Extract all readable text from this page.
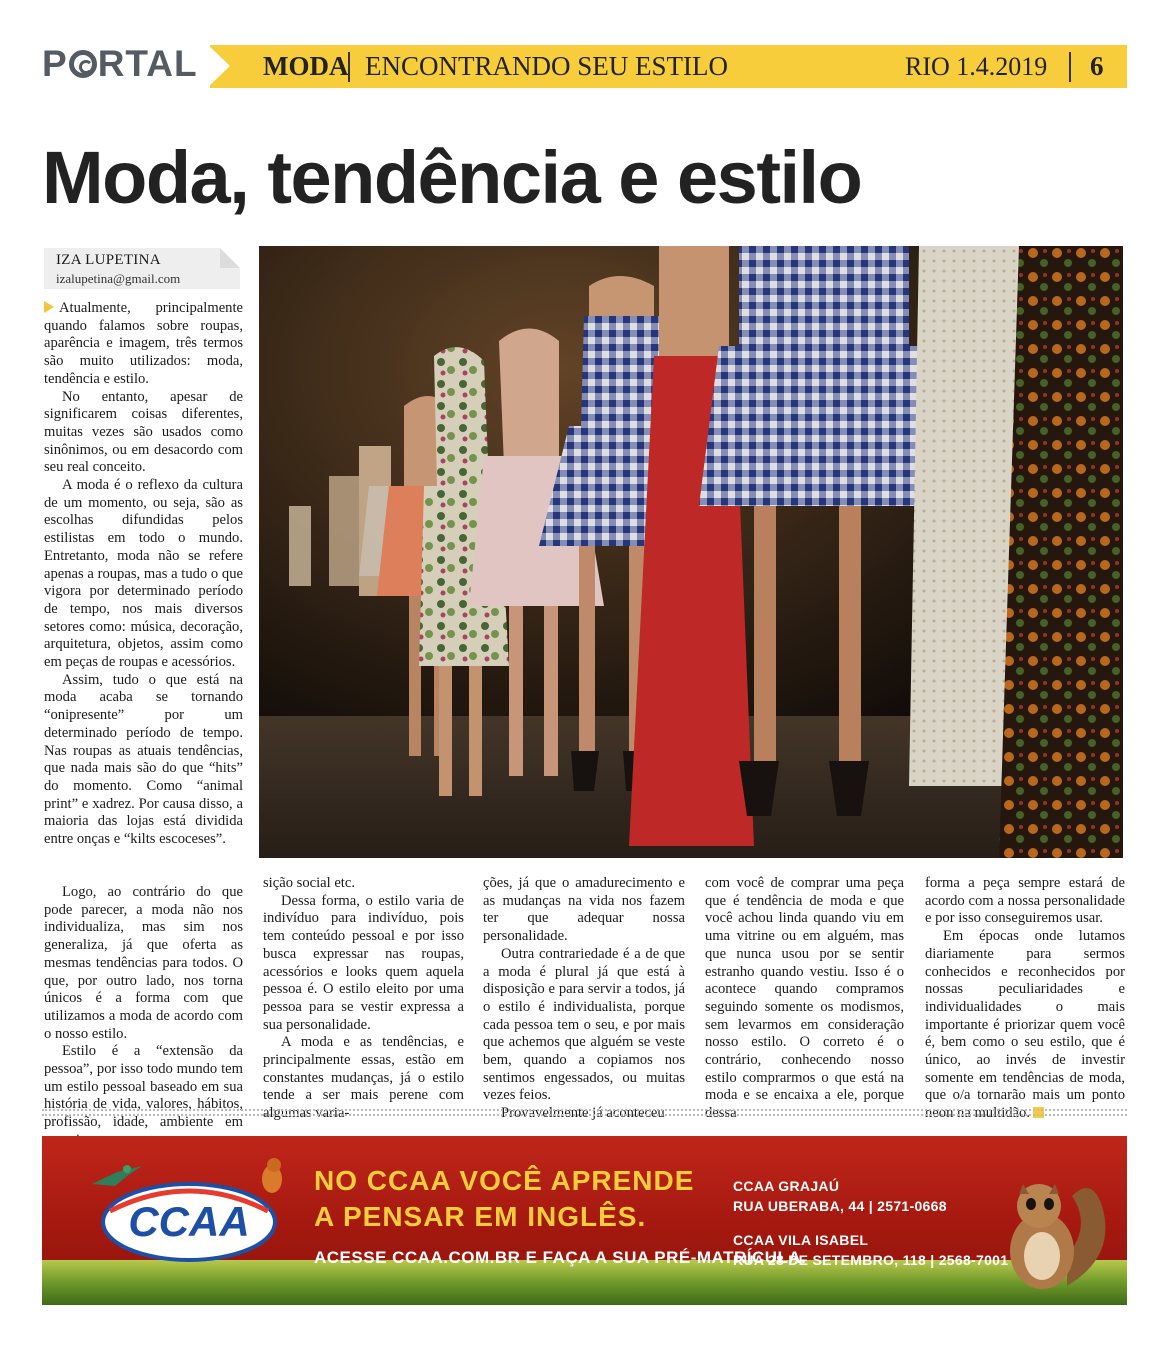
P RTAL MODA ENCONTRANDO SEU ESTILO	RIO 1.4.2019 6
Moda, tendência e estilo
IZA LUPETINA
izalupetina@gmail.com

Atualmente, principalmente quando falamos sobre roupas, aparência e imagem, três termos são muito utilizados: moda, tendência e estilo.

No entanto, apesar de significarem coisas diferentes, muitas vezes são usados como sinônimos, ou em desacordo com seu real conceito.

A moda é o reflexo da cultura de um momento, ou seja, são as escolhas difundidas pelos estilistas em todo o mundo. Entretanto, moda não se refere apenas a roupas, mas a tudo o que vigora por determinado período de tempo, nos mais diversos setores como: música, decoração, arquitetura, objetos, assim como em peças de roupas e acessórios.

Assim, tudo o que está na moda acaba se tornando “onipresente” por um determinado período de tempo. Nas roupas as atuais tendências, que nada mais são do que “hits” do momento. Como “animal print” e xadrez. Por causa disso, a maioria das lojas está dividida entre onças e “kilts escoceses”.

Logo, ao contrário do que pode parecer, a moda não nos individualiza, mas sim nos generaliza, já que oferta as mesmas tendências para todos. O que, por outro lado, nos torna únicos é a forma com que utilizamos a moda de acordo com o nosso estilo.

Estilo é a “extensão da pessoa”, por isso todo mundo tem um estilo pessoal baseado em sua história de vida, valores, hábitos, profissão, idade, ambiente em

sição social etc.

Dessa forma, o estilo varia de indivíduo para indivíduo, pois tem conteúdo pessoal e por isso busca expressar nas roupas, acessórios e looks quem aquela pessoa é. O estilo eleito por uma pessoa para se vestir expressa a sua personalidade.

A moda e as tendências, e principalmente essas, estão em constantes mudanças, já o estilo tende a ser mais perene com algumas varia-

ções, já que o amadurecimento e as mudanças na vida nos fazem ter que adequar nossa personalidade.

Outra contrariedade é a de que a moda é plural já que está à disposição e para servir a todos, já o estilo é individualista, porque cada pessoa tem o seu, e por mais que achemos que alguém se veste bem, quando a copiamos nos sentimos engessados, ou muitas vezes feios.

Provavelmente já aconteceu

com você de comprar uma peça que é tendência de moda e que você achou linda quando viu em uma vitrine ou em alguém, mas que nunca usou por se sentir estranho quando vestiu. Isso é o acontece quando compramos seguindo somente os modismos, sem levarmos em consideração nosso estilo. O correto é o contrário, conhecendo nosso estilo comprarmos o que está na moda e se encaixa a ele, porque dessa

forma a peça sempre estará de acordo com a nossa personalidade e por isso conseguiremos usar.

Em épocas onde lutamos diariamente para sermos conhecidos e reconhecidos por nossas peculiaridades e individualidades o mais importante é priorizar quem você é, bem como o seu estilo, que é único, ao invés de investir somente em tendências de moda, que o/a tornarão mais um ponto neon na multidão.

CCAA
NO CCAA VOCÊ APRENDE
A PENSAR EM INGLÊS.
ACESSE CCAA.COM.BR E FAÇA A SUA PRÉ-MATRÍCULA.
CCAA GRAJAÚ
RUA UBERABA, 44 | 2571-0668
CCAA VILA ISABEL
RUA 28 DE SETEMBRO, 118 | 2568-7001
